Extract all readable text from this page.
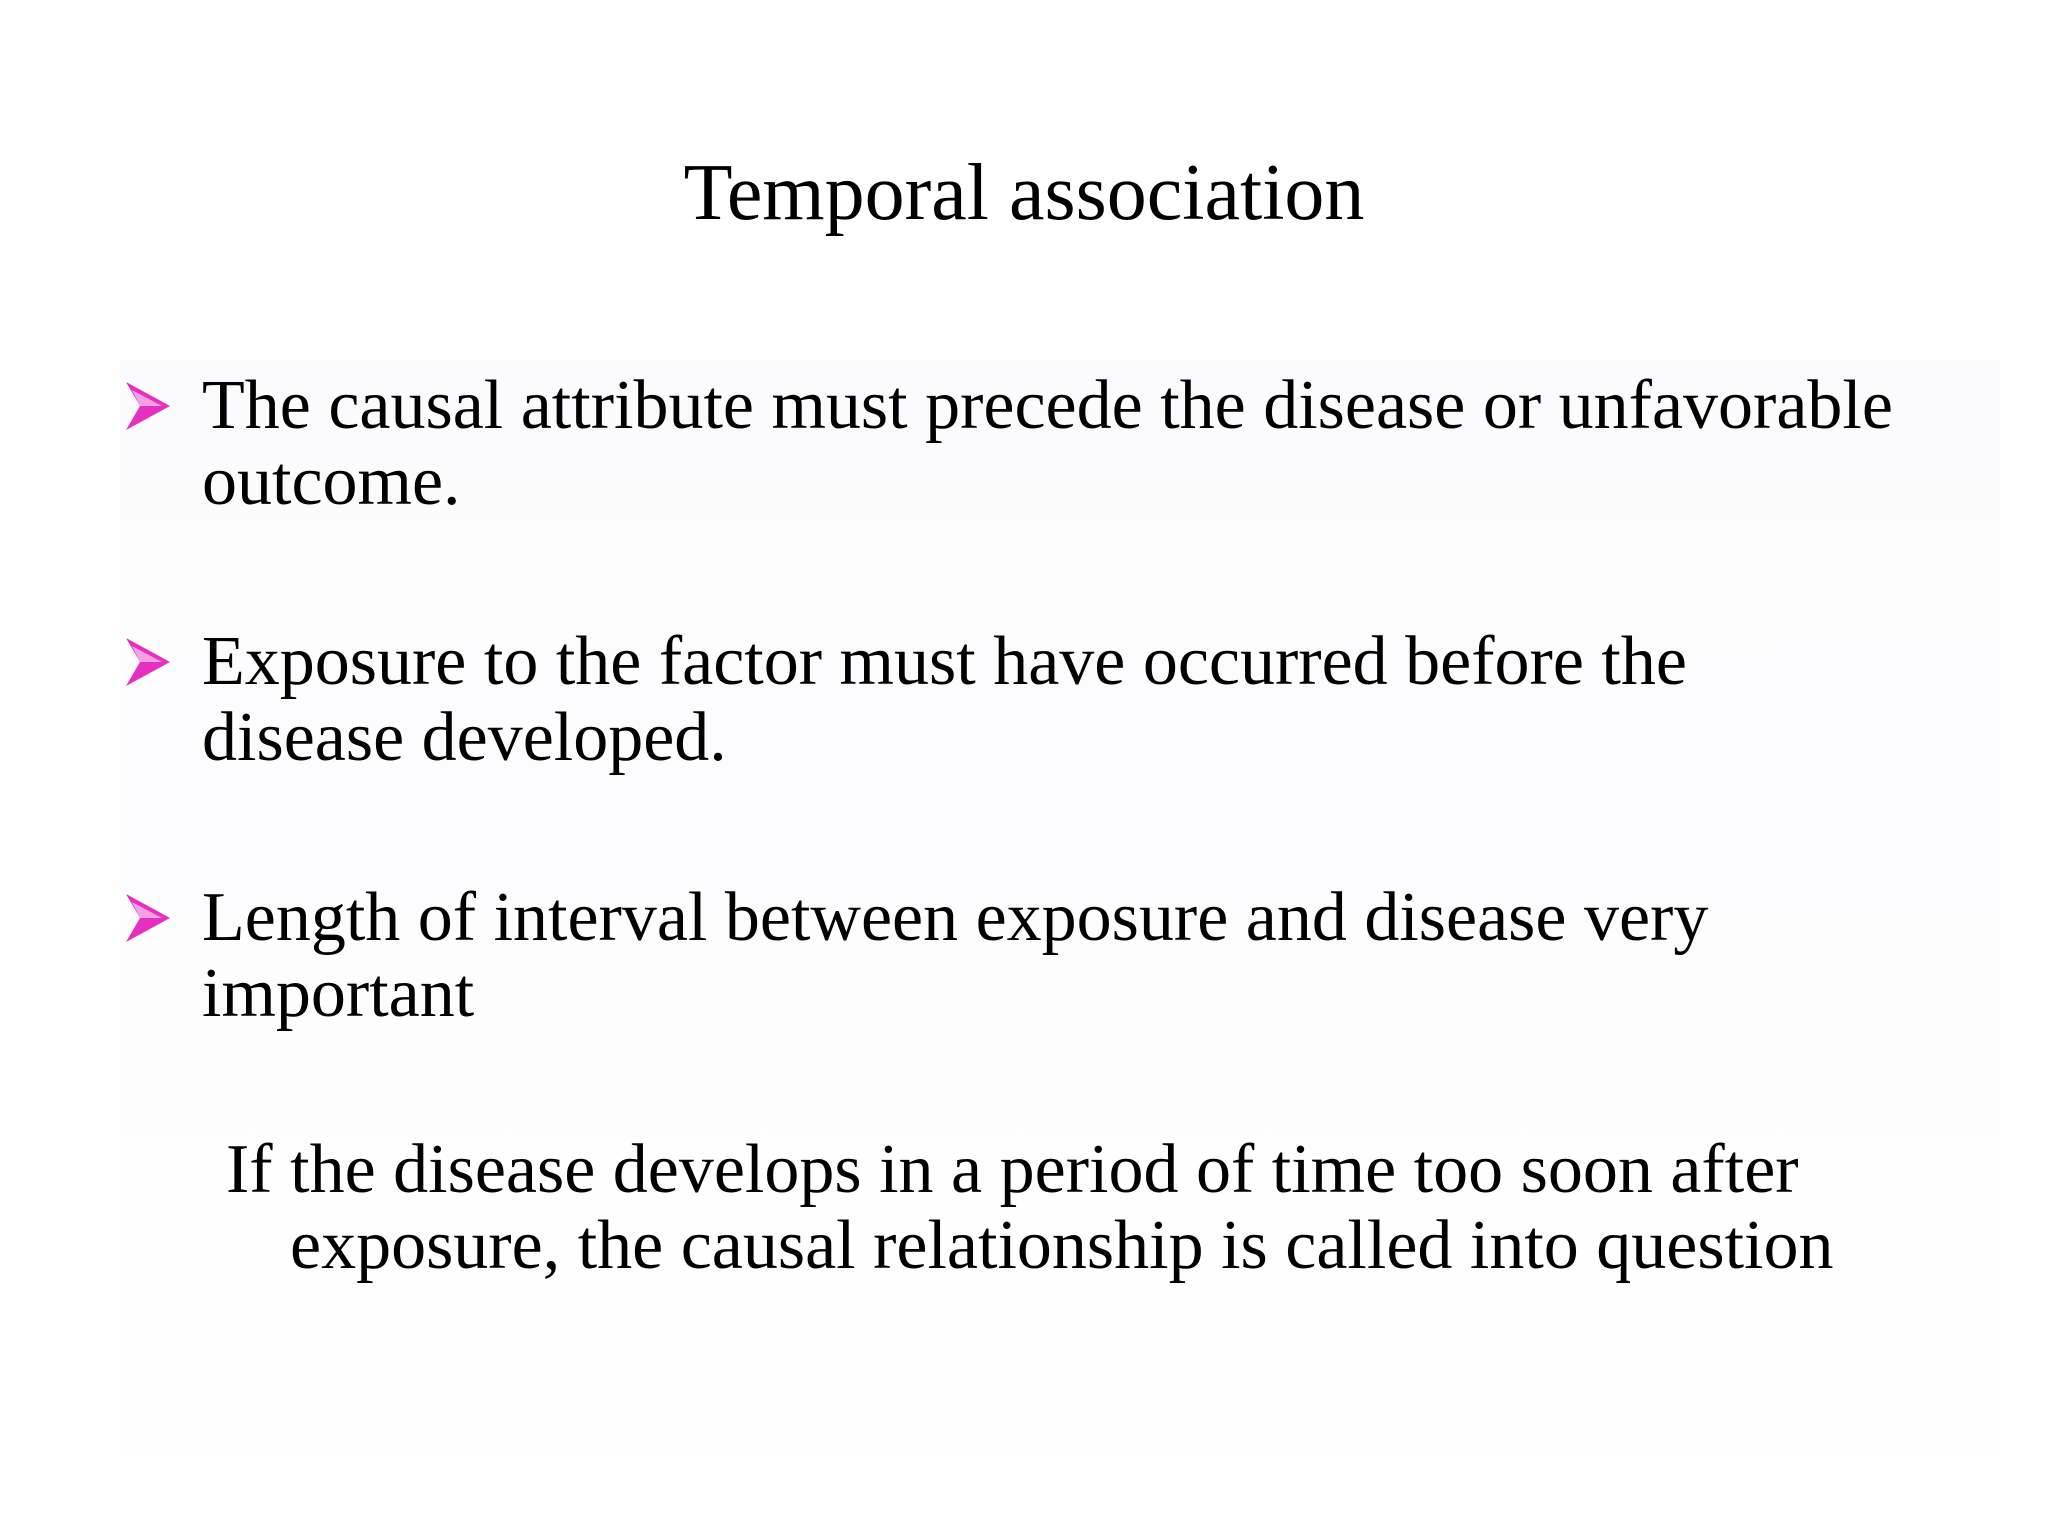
Temporal association
The causal attribute must precede the disease or unfavorable outcome.
Exposure to the factor must have occurred before the disease developed.
Length of interval between exposure and disease very important
If the disease develops in a period of time too soon after exposure, the causal relationship is called into question
